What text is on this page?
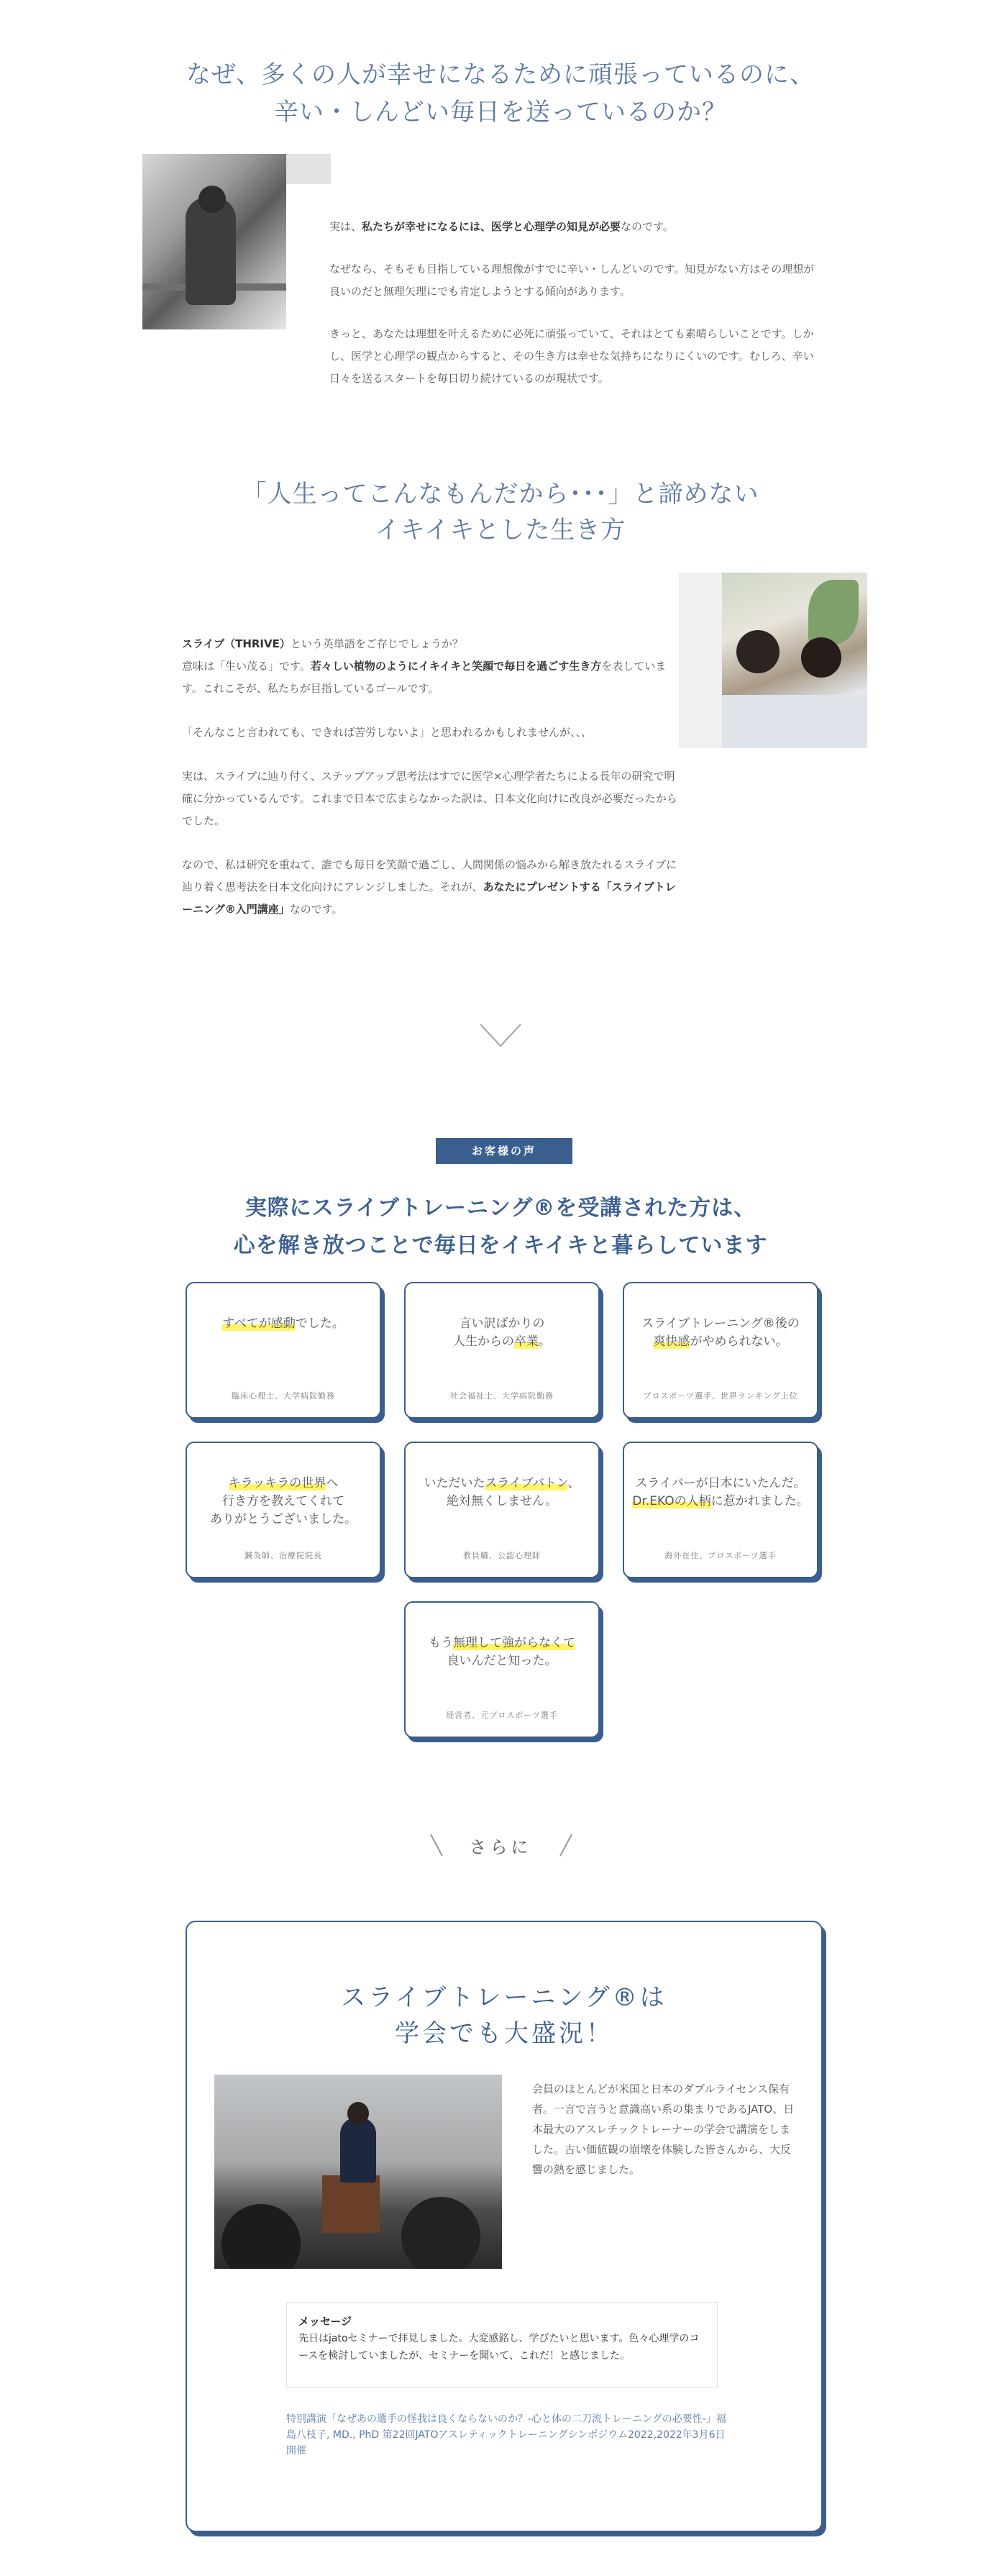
なぜ、多くの人が幸せになるために頑張っているのに、
辛い・しんどい毎日を送っているのか？

実は、私たちが幸せになるには、医学と心理学の知見が必要なのです。

なぜなら、そもそも目指している理想像がすでに辛い・しんどいのです。知見がない方はその理想が良いのだと無理矢理にでも肯定しようとする傾向があります。

きっと、あなたは理想を叶えるために必死に頑張っていて、それはとても素晴らしいことです。しかし、医学と心理学の観点からすると、その生き方は幸せな気持ちになりにくいのです。むしろ、辛い日々を送るスタートを毎日切り続けているのが現状です。

「人生ってこんなもんだから･･･」と諦めない
イキイキとした生き方

スライブ（THRIVE）という英単語をご存じでしょうか？
意味は「生い茂る」です。若々しい植物のようにイキイキと笑顔で毎日を過ごす生き方を表しています。これこそが、私たちが目指しているゴールです。

「そんなこと言われても、できれば苦労しないよ」と思われるかもしれませんが、、、

実は、スライブに辿り付く、ステップアップ思考法はすでに医学×心理学者たちによる長年の研究で明確に分かっているんです。これまで日本で広まらなかった訳は、日本文化向けに改良が必要だったからでした。

なので、私は研究を重ねて、誰でも毎日を笑顔で過ごし、人間関係の悩みから解き放たれるスライブに辿り着く思考法を日本文化向けにアレンジしました。それが、あなたにプレゼントする「スライブトレーニング®入門講座」なのです。

お客様の声
実際にスライブトレーニング®を受講された方は、
心を解き放つことで毎日をイキイキと暮らしています
すべてが感動でした。
臨床心理士、大学病院勤務
言い訳ばかりの
人生からの卒業。
社会福祉士、大学病院勤務
スライブトレーニング®後の
爽快感がやめられない。
プロスポーツ選手、世界ランキング上位
キラッキラの世界へ
行き方を教えてくれて
ありがとうございました。
鍼灸師、治療院院長
いただいたスライブバトン、
絶対無くしません。
教員職、公認心理師
スライバーが日本にいたんだ。
Dr.EKOの人柄に惹かれました。
海外在住、プロスポーツ選手
もう無理して強がらなくて
良いんだと知った。
経営者、元プロスポーツ選手
さらに
スライブトレーニング®は
学会でも大盛況！
会員のほとんどが米国と日本のダブルライセンス保有者。一言で言うと意識高い系の集まりであるJATO、日本最大のアスレチックトレーナーの学会で講演をしました。古い価値観の崩壊を体験した皆さんから、大反響の熱を感じました。
メッセージ
先日はjatoセミナーで拝見しました。大変感銘し、学びたいと思います。色々心理学のコースを検討していましたが、セミナーを聞いて、これだ！と感じました。
特別講演「なぜあの選手の怪我は良くならないのか？-心と体の二刀流トレーニングの必要性-」福島八枝子, MD., PhD 第22回JATOアスレティックトレーニングシンポジウム2022,2022年3月6日開催
